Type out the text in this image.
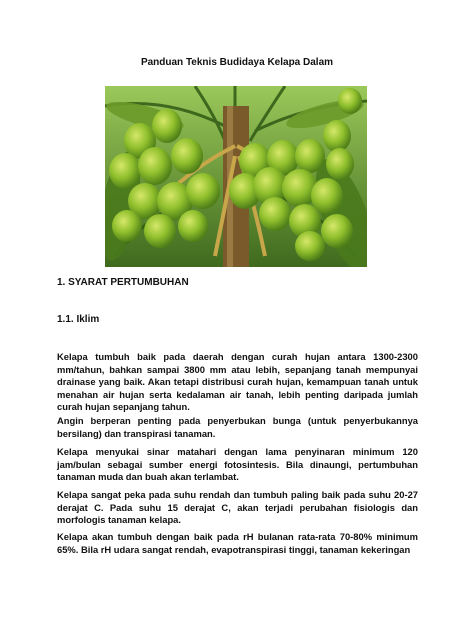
Panduan Teknis Budidaya Kelapa Dalam
1. SYARAT PERTUMBUHAN
1.1. Iklim

Kelapa tumbuh baik pada daerah dengan curah hujan antara 1300-2300 mm/tahun, bahkan sampai 3800 mm atau lebih, sepanjang tanah mempunyai drainase yang baik. Akan tetapi distribusi curah hujan, kemampuan tanah untuk menahan air hujan serta kedalaman air tanah, lebih penting daripada jumlah curah hujan sepanjang tahun.

Angin berperan penting pada penyerbukan bunga (untuk penyerbukannya bersilang) dan transpirasi tanaman.

Kelapa menyukai sinar matahari dengan lama penyinaran minimum 120 jam/bulan sebagai sumber energi fotosintesis. Bila dinaungi, pertumbuhan tanaman muda dan buah akan terlambat.

Kelapa sangat peka pada suhu rendah dan tumbuh paling baik pada suhu 20-27 derajat C. Pada suhu 15 derajat C, akan terjadi perubahan fisiologis dan morfologis tanaman kelapa.

Kelapa akan tumbuh dengan baik pada rH bulanan rata-rata 70-80% minimum 65%. Bila rH udara sangat rendah, evapotranspirasi tinggi, tanaman kekeringan
